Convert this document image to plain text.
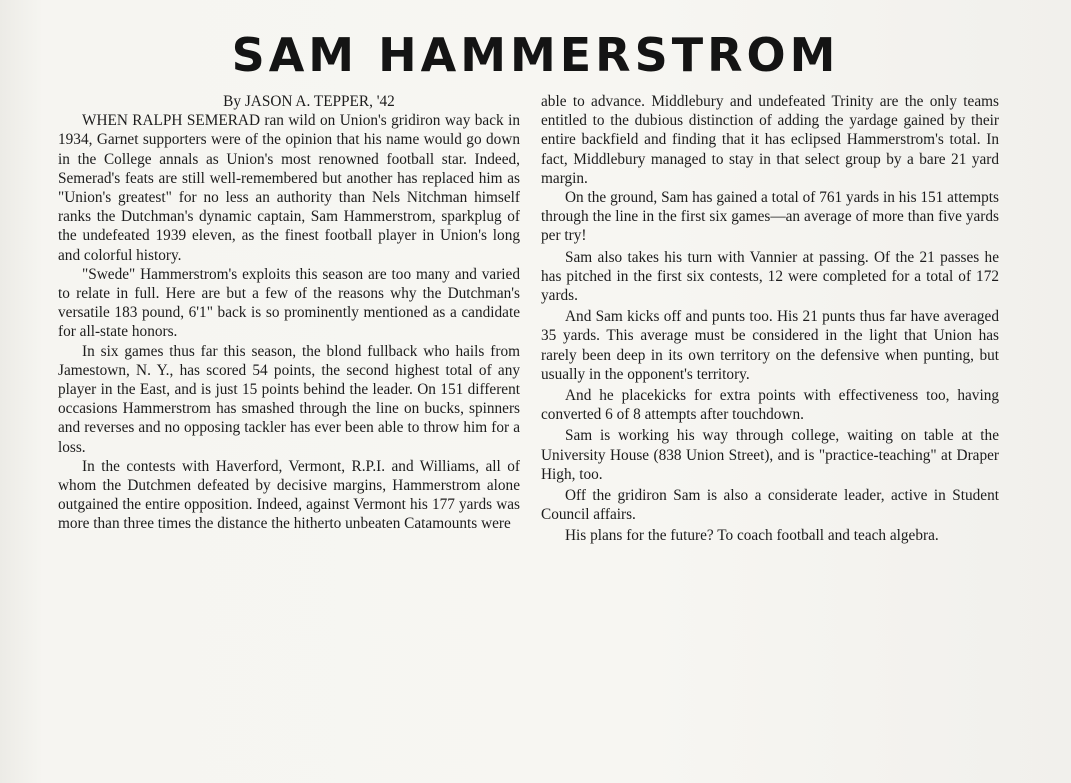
SAM HAMMERSTROM

By JASON A. TEPPER, '42

WHEN RALPH SEMERAD ran wild on Union's gridiron way back in 1934, Garnet supporters were of the opinion that his name would go down in the College annals as Union's most renowned football star. Indeed, Semerad's feats are still well-remembered but another has replaced him as "Union's greatest" for no less an authority than Nels Nitchman himself ranks the Dutchman's dynamic captain, Sam Hammerstrom, sparkplug of the undefeated 1939 eleven, as the finest football player in Union's long and colorful history.

"Swede" Hammerstrom's exploits this season are too many and varied to relate in full. Here are but a few of the reasons why the Dutchman's versatile 183 pound, 6'1" back is so prominently mentioned as a candidate for all-state honors.

In six games thus far this season, the blond fullback who hails from Jamestown, N. Y., has scored 54 points, the second highest total of any player in the East, and is just 15 points behind the leader. On 151 different occasions Hammerstrom has smashed through the line on bucks, spinners and reverses and no opposing tackler has ever been able to throw him for a loss.

In the contests with Haverford, Vermont, R.P.I. and Williams, all of whom the Dutchmen defeated by decisive margins, Hammerstrom alone outgained the entire opposition. Indeed, against Vermont his 177 yards was more than three times the distance the hitherto unbeaten Catamounts were

able to advance. Middlebury and undefeated Trinity are the only teams entitled to the dubious distinction of adding the yardage gained by their entire backfield and finding that it has eclipsed Hammerstrom's total. In fact, Middlebury managed to stay in that select group by a bare 21 yard margin.

On the ground, Sam has gained a total of 761 yards in his 151 attempts through the line in the first six games—an average of more than five yards per try!

Sam also takes his turn with Vannier at passing. Of the 21 passes he has pitched in the first six contests, 12 were completed for a total of 172 yards.

And Sam kicks off and punts too. His 21 punts thus far have averaged 35 yards. This average must be considered in the light that Union has rarely been deep in its own territory on the defensive when punting, but usually in the opponent's territory.

And he placekicks for extra points with effectiveness too, having converted 6 of 8 attempts after touchdown.

Sam is working his way through college, waiting on table at the University House (838 Union Street), and is "practice-teaching" at Draper High, too.

Off the gridiron Sam is also a considerate leader, active in Student Council affairs.

His plans for the future? To coach football and teach algebra.
